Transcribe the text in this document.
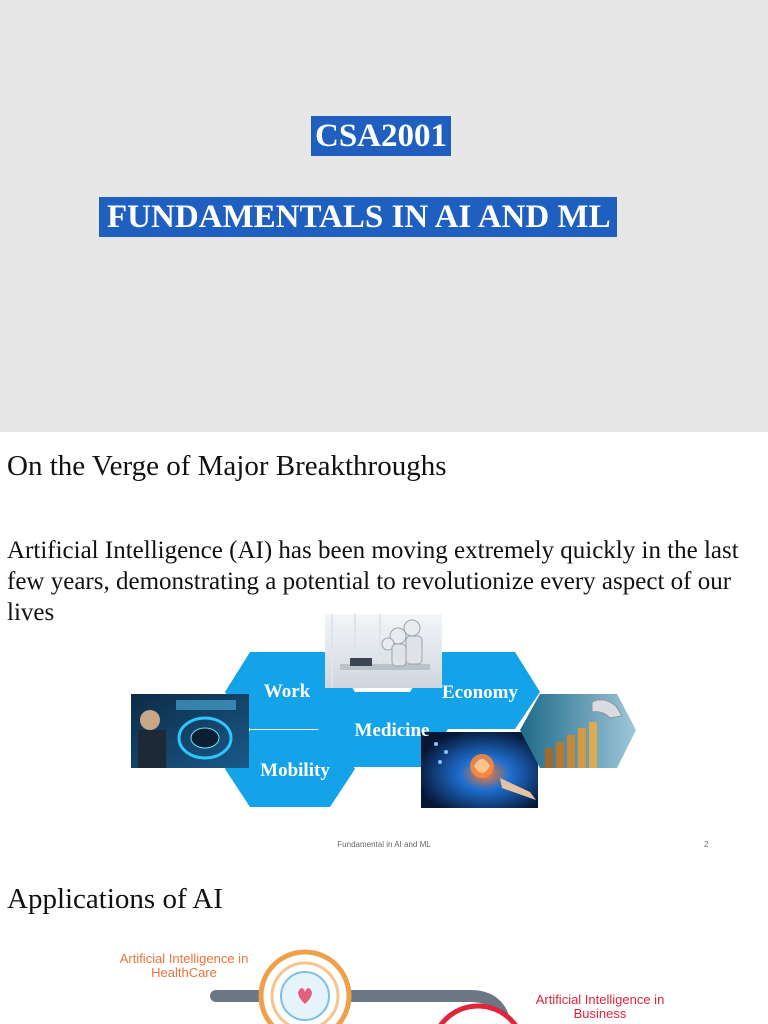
CSA2001
FUNDAMENTALS IN AI AND ML
On the Verge of Major Breakthroughs
Artificial Intelligence (AI) has been moving extremely quickly in the last few years, demonstrating a potential to revolutionize every aspect of our lives
Work	Economy
Medicine
Mobility
Fundamental in AI and ML	2
Applications of AI
Artificial Intelligence in HealthCare
Artificial Intelligence in Business
